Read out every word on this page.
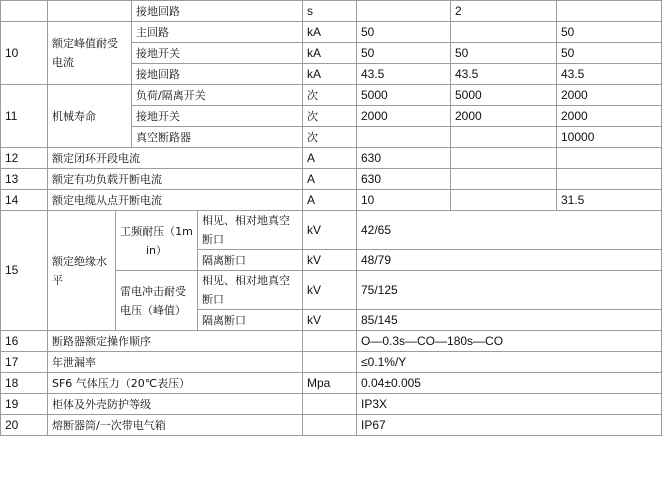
			接地回路		s		2	
10	额定峰值耐受电流		主回路		kA	50		50
			接地开关		kA	50	50	50
			接地回路		kA	43.5	43.5	43.5
11	机械寿命		负荷/隔离开关		次	5000	5000	2000
			接地开关		次	2000	2000	2000
			真空断路器		次			10000
12	额定闭环开段电流				A	630		
13	额定有功负载开断电流				A	630		
14	额定电缆从点开断电流				A	10		31.5
15	额定绝缘水平	工频耐压（1min）		相见、相对地真空断口	kV	42/65		
				隔离断口	kV	48/79		
		雷电冲击耐受电压（峰值）		相见、相对地真空断口	kV	75/125		
				隔离断口	kV	85/145		
16	断路器额定操作顺序					O—0.3s—CO—180s—CO		
17	年泄漏率					≤0.1%/Y		
18	SF6 气体压力（20℃表压）				Mpa	0.04±0.005		
19	柜体及外壳防护等级					IP3X		
20	熔断器筒/一次带电气箱					IP67		
